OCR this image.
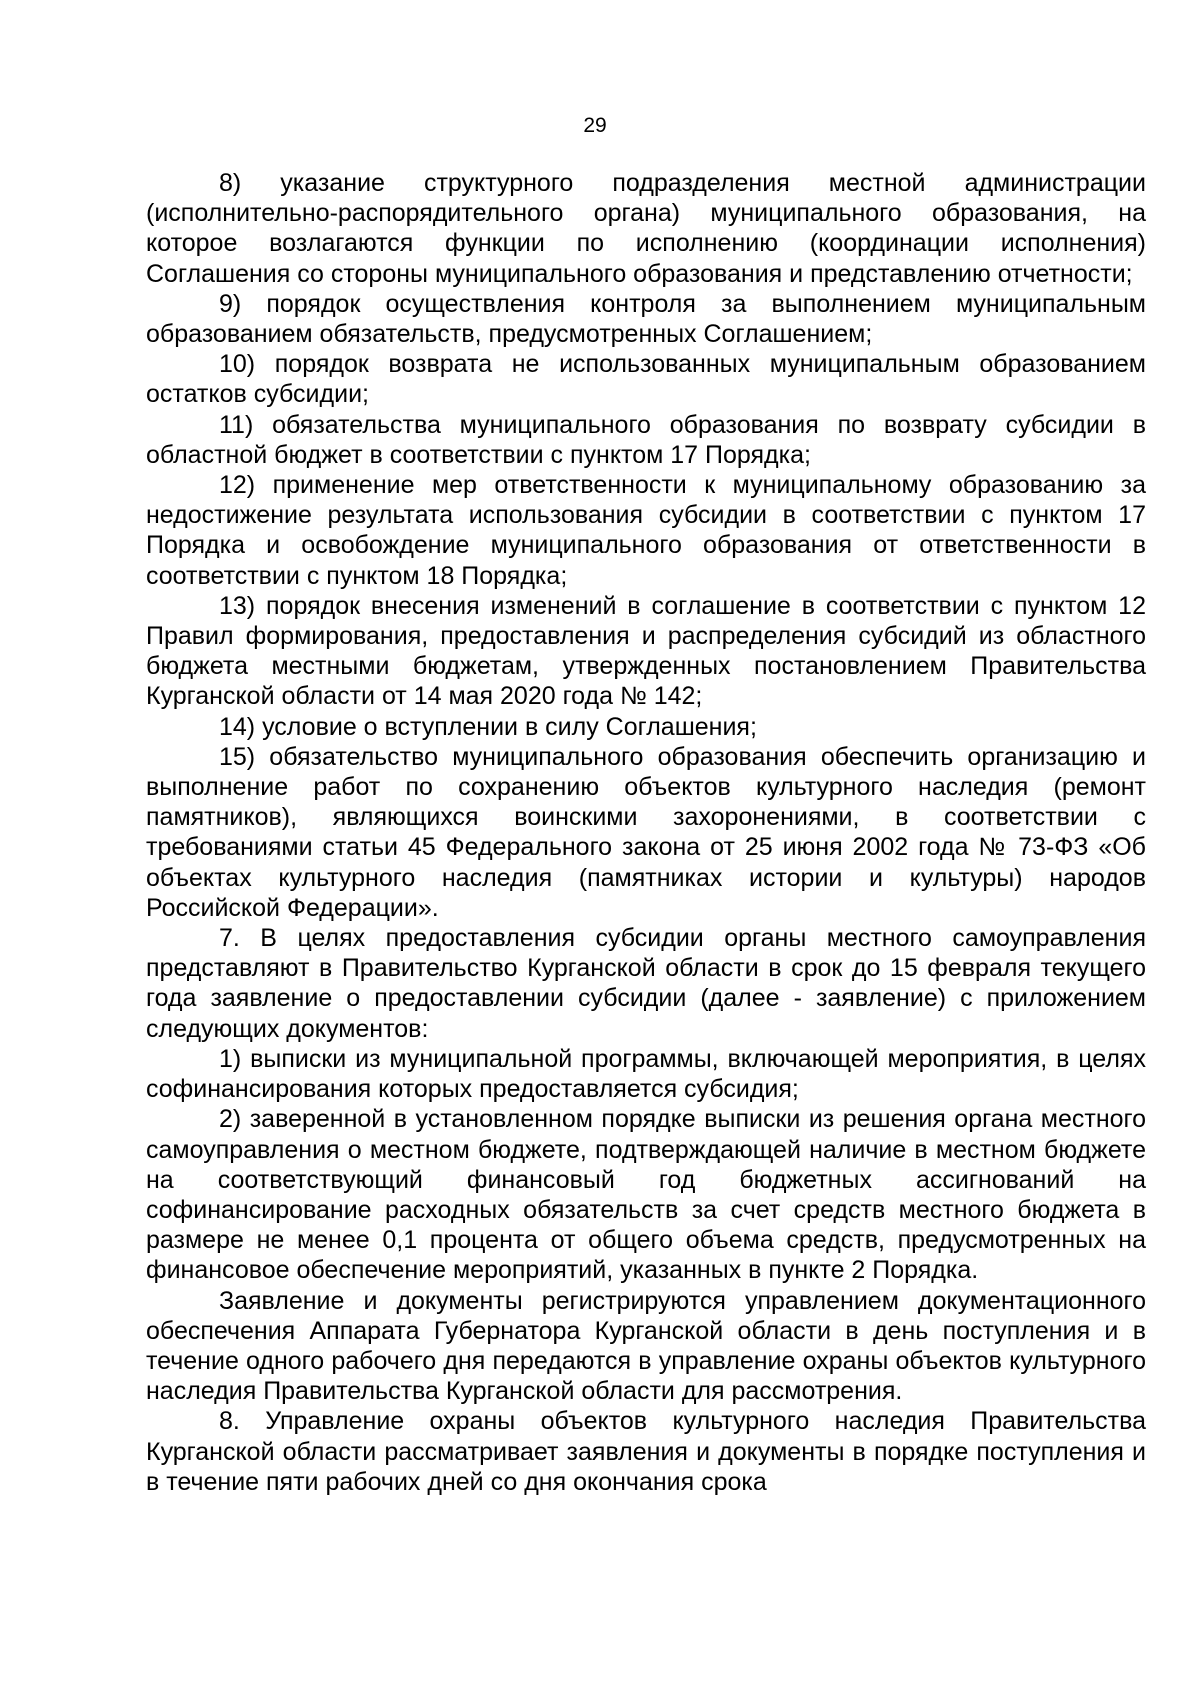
29

8) указание структурного подразделения местной администрации (исполнительно-распорядительного органа) муниципального образования, на которое возлагаются функции по исполнению (координации исполнения) Соглашения со стороны муниципального образования и представлению отчетности;

9) порядок осуществления контроля за выполнением муниципальным образованием обязательств, предусмотренных Соглашением;

10) порядок возврата не использованных муниципальным образованием остатков субсидии;

11) обязательства муниципального образования по возврату субсидии в областной бюджет в соответствии с пунктом 17 Порядка;

12) применение мер ответственности к муниципальному образованию за недостижение результата использования субсидии в соответствии с пунктом 17 Порядка и освобождение муниципального образования от ответственности в соответствии с пунктом 18 Порядка;

13) порядок внесения изменений в соглашение в соответствии с пунктом 12 Правил формирования, предоставления и распределения субсидий из областного бюджета местными бюджетам, утвержденных постановлением Правительства Курганской области от 14 мая 2020 года № 142;

14) условие о вступлении в силу Соглашения;

15) обязательство муниципального образования обеспечить организацию и выполнение работ по сохранению объектов культурного наследия (ремонт памятников), являющихся воинскими захоронениями, в соответствии с требованиями статьи 45 Федерального закона от 25 июня 2002 года № 73-ФЗ «Об объектах культурного наследия (памятниках истории и культуры) народов Российской Федерации».

7. В целях предоставления субсидии органы местного самоуправления представляют в Правительство Курганской области в срок до 15 февраля текущего года заявление о предоставлении субсидии (далее - заявление) с приложением следующих документов:

1) выписки из муниципальной программы, включающей мероприятия, в целях софинансирования которых предоставляется субсидия;

2) заверенной в установленном порядке выписки из решения органа местного самоуправления о местном бюджете, подтверждающей наличие в местном бюджете на соответствующий финансовый год бюджетных ассигнований на софинансирование расходных обязательств за счет средств местного бюджета в размере не менее 0,1 процента от общего объема средств, предусмотренных на финансовое обеспечение мероприятий, указанных в пункте 2 Порядка.

Заявление и документы регистрируются управлением документационного обеспечения Аппарата Губернатора Курганской области в день поступления и в течение одного рабочего дня передаются в управление охраны объектов культурного наследия Правительства Курганской области для рассмотрения.

8. Управление охраны объектов культурного наследия Правительства Курганской области рассматривает заявления и документы в порядке поступления и в течение пяти рабочих дней со дня окончания срока
